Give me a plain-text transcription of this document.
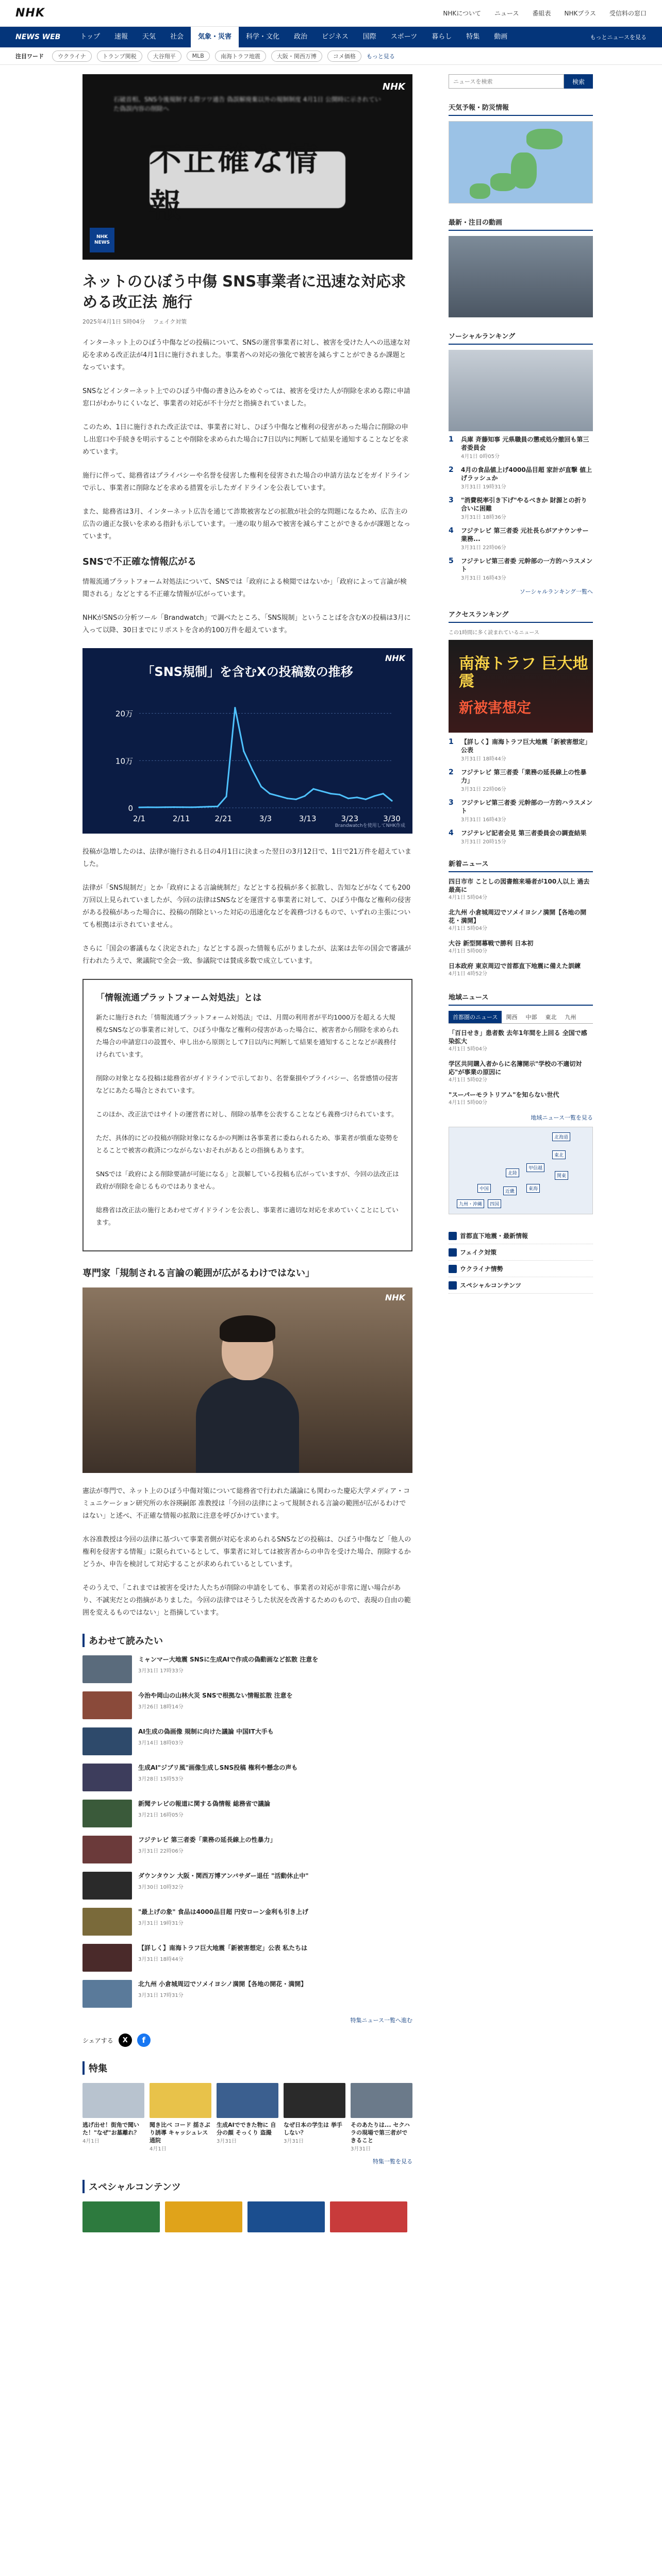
NHK	NHKについて ニュース 番組表 NHKプラス 受信料の窓口
NEWS WEB	トップ	速報	天気	社会	気象・災害	科学・文化	政治	ビジネス	国際	スポーツ	暮らし	特集	動画	もっとニュースを見る
注目ワード	ウクライナ	トランプ関税	大谷翔平	MLB	南海トラフ地震	大阪・関西万博	コメ価格	もっと見る
石破首相、SNS今後規制する際ツワ通告 偽誤解廃棄以外の規制制度 4月1日 公開時に示されていた偽誤内容の削除へ
不正確な情報
NHK NEWS
NHK
ネットのひぼう中傷 SNS事業者に迅速な対応求める改正法 施行
2025年4月1日 5時04分 フェイク対策

インターネット上のひぼう中傷などの投稿について、SNSの運営事業者に対し、被害を受けた人への迅速な対応を求める改正法が4月1日に施行されました。事業者への対応の強化で被害を減らすことができるか課題となっています。

SNSなどインターネット上でのひぼう中傷の書き込みをめぐっては、被害を受けた人が削除を求める際に申請窓口がわかりにくいなど、事業者の対応が不十分だと指摘されていました。

このため、1日に施行された改正法では、事業者に対し、ひぼう中傷など権利の侵害があった場合に削除の申し出窓口や手続きを明示することや削除を求められた場合に7日以内に判断して結果を通知することなどを求めています。

施行に伴って、総務省はプライバシーや名誉を侵害した権利を侵害された場合の申請方法などをガイドラインで示し、事業者に削除などを求める措置を示したガイドラインを公表しています。

また、総務省は3月、インターネット広告を通じて詐欺被害などの拡散が社会的な問題になるため、広告主の広告の適正な扱いを求める指針も示しています。一連の取り組みで被害を減らすことができるかが課題となっています。

SNSで不正確な情報広がる

情報流通プラットフォーム対処法について、SNSでは「政府による検閲ではないか」「政府によって言論が検閲される」などとする不正確な情報が広がっています。

NHKがSNSの分析ツール「Brandwatch」で調べたところ、「SNS規制」ということばを含むXの投稿は3月に入って以降、30日までにリポストを含め約100万件を超えています。

「SNS規制」を含むXの投稿数の推移
NHK
0
10万
20万
2/1	2/11	2/21	3/3	3/13	3/23	3/30
Brandwatchを使用してNHK作成

投稿が急増したのは、法律が施行される日の4月1日に決まった翌日の3月12日で、1日で21万件を超えていました。

法律が「SNS規制だ」とか「政府による言論統制だ」などとする投稿が多く拡散し、告知などがなくても200万回以上見られていましたが、今回の法律はSNSなどを運営する事業者に対して、ひぼう中傷など権利の侵害がある投稿があった場合に、投稿の削除といった対応の迅速化などを義務づけるもので、いずれの主張についても根拠は示されていません。

さらに「国会の審議もなく決定された」などとする誤った情報も広がりましたが、法案は去年の国会で審議が行われたうえで、衆議院で全会一致、参議院では賛成多数で成立しています。

「情報流通プラットフォーム対処法」とは

新たに施行された「情報流通プラットフォーム対処法」では、月間の利用者が平均1000万を超える大規模なSNSなどの事業者に対して、ひぼう中傷など権利の侵害があった場合に、被害者から削除を求められた場合の申請窓口の設置や、申し出から原則として7日以内に判断して結果を通知することなどが義務付けられています。

削除の対象となる投稿は総務省がガイドラインで示しており、名誉棄損やプライバシー、名誉感情の侵害などにあたる場合とされています。

このほか、改正法ではサイトの運営者に対し、削除の基準を公表することなども義務づけられています。

ただ、具体的にどの投稿が削除対象になるかの判断は各事業者に委ねられるため、事業者が慎重な姿勢をとることで被害の救済につながらないおそれがあるとの指摘もあります。

SNSでは「政府による削除要請が可能になる」と誤解している投稿も広がっていますが、今回の法改正は政府が削除を命じるものではありません。

総務省は改正法の施行とあわせてガイドラインを公表し、事業者に適切な対応を求めていくことにしています。

専門家「規制される言論の範囲が広がるわけではない」
NHK

憲法が専門で、ネット上のひぼう中傷対策について総務省で行われた議論にも関わった慶応大学メディア・コミュニケーション研究所の水谷瑛嗣郎 准教授は「今回の法律によって規制される言論の範囲が広がるわけではない」と述べ、不正確な情報の拡散に注意を呼びかけています。

水谷准教授は今回の法律に基づいて事業者側が対応を求められるSNSなどの投稿は、ひぼう中傷など「他人の権利を侵害する情報」に限られているとして、事業者に対しては被害者からの申告を受けた場合、削除するかどうか、申告を検討して対応することが求められているとしています。

そのうえで、「これまでは被害を受けた人たちが削除の申請をしても、事業者の対応が非常に遅い場合があり、不誠実だとの指摘がありました。今回の法律ではそうした状況を改善するためのもので、表現の自由の範囲を変えるものではない」と指摘しています。

あわせて読みたい
ミャンマー大地震 SNSに生成AIで作成の偽動画など拡散 注意を
3月31日 17時33分
今治や岡山の山林火災 SNSで根拠ない情報拡散 注意を
3月26日 18時14分
AI生成の偽画像 規制に向けた議論 中国IT大手も
3月14日 18時03分
生成AI"ジブリ風"画像生成しSNS投稿 権利や懸念の声も
3月28日 15時53分
新聞テレビの報道に関する偽情報 総務省で議論
3月21日 16時05分
フジテレビ 第三者委「業務の延長線上の性暴力」
3月31日 22時06分
ダウンタウン 大阪・関西万博アンバサダー退任 "活動休止中"
3月30日 10時32分
"最上げの象" 食品は4000品目超 円安ローン金利も引き上げ
3月31日 19時31分
【詳しく】南海トラフ巨大地震「新被害想定」公表 私たちは
3月31日 18時44分
北九州 小倉城周辺でソメイヨシノ満開【各地の開花・満開】
3月31日 17時31分
特集ニュース一覧へ進む
シェアする	X	f
特集
逃げ出せ！街角で聞いた！"なぜ"お墓離れ？
4月1日
聞き比べ コード 揺さぶり誘導 キャッシュレス通院
4月1日
生成AIでできた物に 自分の顔 そっくり 盗撮
3月31日
なぜ日本の学生は 挙手しない？
3月31日
そのあたりは... セクハラの現場で第三者ができること
3月31日
特集一覧を見る
スペシャルコンテンツ
ニュースを検索
検索
天気予報・防災情報
最新・注目の動画
ソーシャルランキング
1	兵庫 斉藤知事 元県職員の懲戒処分撤回も第三者委員会
4月1日 0時05分
2	4月の食品値上げ4000品目超 家計が直撃 値上げラッシュか
3月31日 19時31分
3	"消費税率引き下げ"やるべきか 財源との折り合いに困難
3月31日 18時36分
4	フジテレビ 第三者委 元社長らがアナウンサー業務...
3月31日 22時06分
5	フジテレビ第三者委 元幹部の一方的ハラスメント
3月31日 16時43分
ソーシャルランキング一覧へ
アクセスランキング
この1時間に多く読まれているニュース
南海トラフ 巨大地震
新被害想定
1	【詳しく】南海トラフ巨大地震「新被害想定」公表
3月31日 18時44分
2	フジテレビ 第三者委「業務の延長線上の性暴力」
3月31日 22時06分
3	フジテレビ第三者委 元幹部の一方的ハラスメント
3月31日 16時43分
4	フジテレビ記者会見 第三者委員会の調査結果
3月31日 20時15分
新着ニュース
四日市市 ことしの図書館来場者が100人以上 過去最高に
4月1日 5時04分
北九州 小倉城周辺でソメイヨシノ満開【各地の開花・満開】
4月1日 5時04分
大谷 新型開幕戦で勝利 日本初
4月1日 5時00分
日本政府 東京周辺で首都直下地震に備えた訓練
4月1日 4時52分
地域ニュース
首都圏のニュース	関西	中部	東北	九州
「百日せき」患者数 去年1年間を上回る 全国で感染拡大
4月1日 5時04分
学区共同購入者からに名簿開示"学校の不適切対応"が事業の原因に
4月1日 5時02分
"スーパーモラトリアム"を知らない世代
4月1日 5時00分
地域ニュース一覧を見る
北海道
東北
関東
甲信越
東海
北陸
近畿
中国
四国
九州・沖縄
首都直下地震・最新情報
フェイク対策
ウクライナ情勢
スペシャルコンテンツ
